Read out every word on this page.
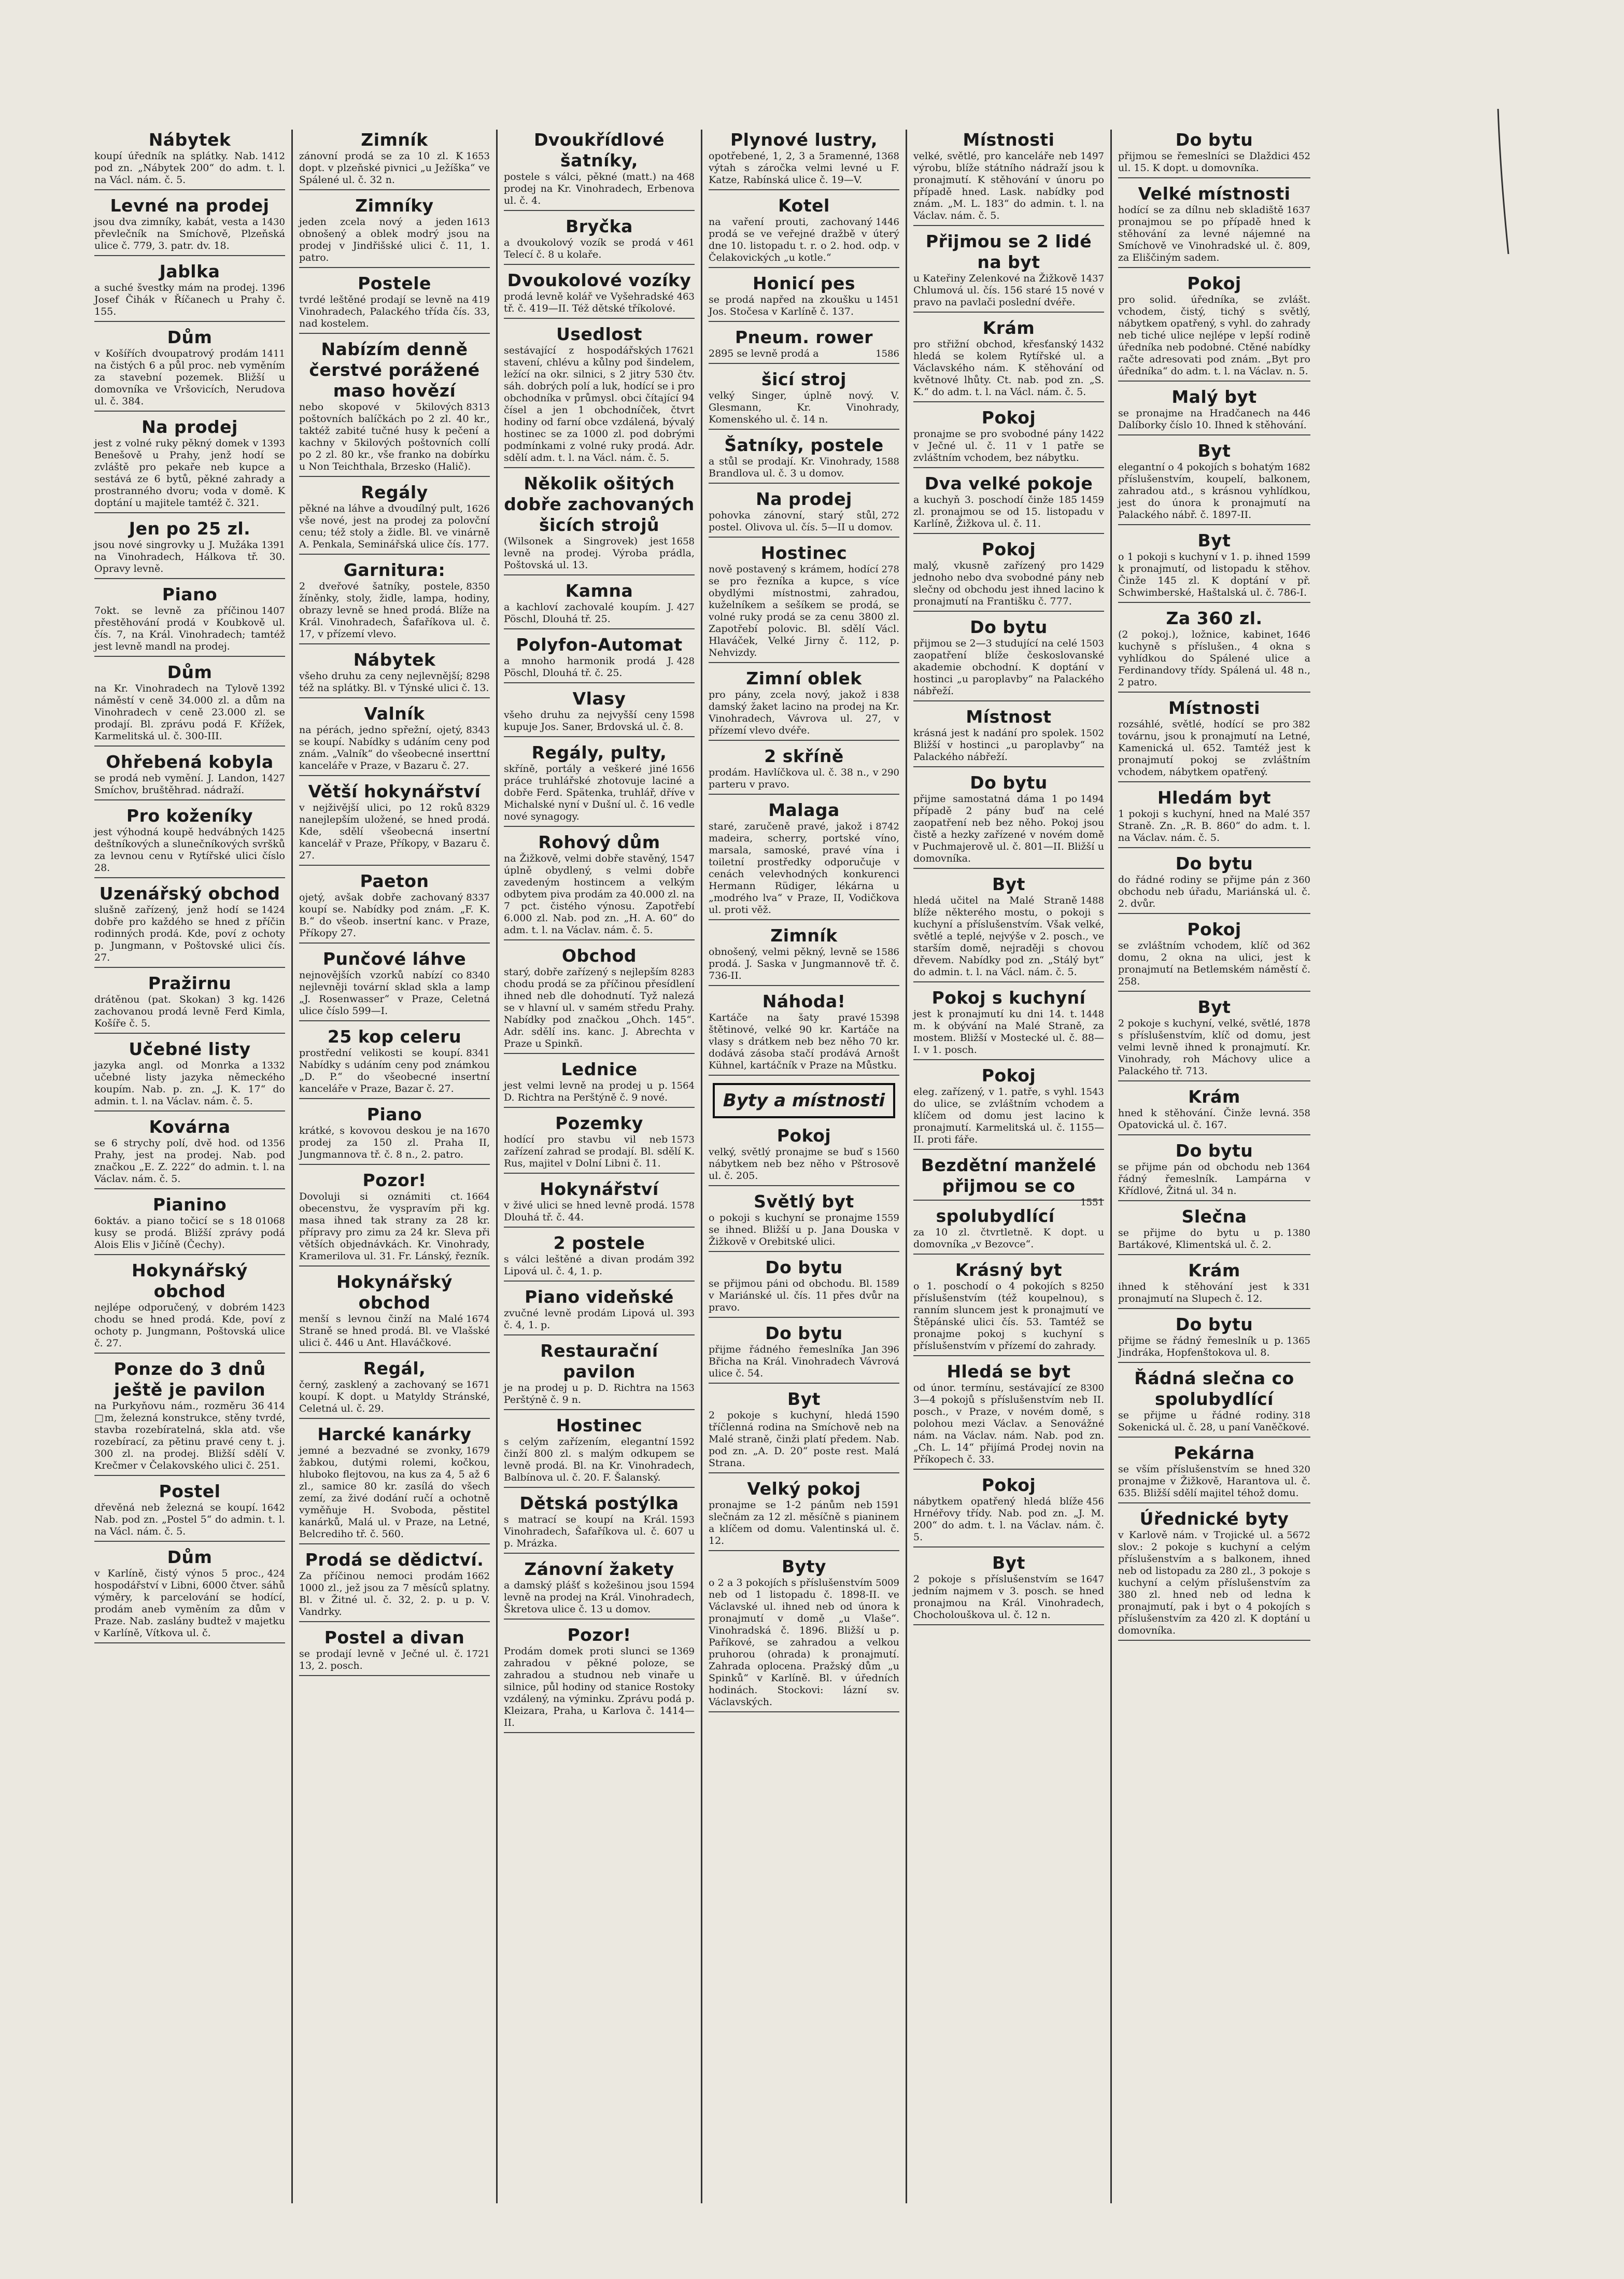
Nábytek

1412
koupí úředník na splátky. Nab. pod zn. „Nábytek 200“ do adm. t. l. na Václ. nám. č. 5.

Levné na prodej

1430
jsou dva zimníky, kabát, vesta a převlečník na Smíchově, Plzeňská ulice č. 779, 3. patr. dv. 18.

Jablka

1396
a suché švestky mám na prodej. Josef Čihák v Říčanech u Prahy č. 155.

Dům

1411
v Košířích dvoupatrový prodám na čistých 6 a půl proc. neb vyměním za stavební pozemek. Bližší u domovníka ve Vršovicích, Nerudova ul. č. 384.

Na prodej

1393
jest z volné ruky pěkný domek v Benešově u Prahy, jenž hodí se zvláště pro pekaře neb kupce a sestává ze 6 bytů, pěkné zahrady a prostranného dvoru; voda v domě. K doptání u majitele tamtéž č. 321.

Jen po 25 zl.

1391
jsou nové singrovky u J. Mužáka na Vinohradech, Hálkova tř. 30. Opravy levně.

Piano

1407
7okt. se levně za příčinou přestěhování prodá v Koubkově ul. čís. 7, na Král. Vinohradech; tamtéž jest levně mandl na prodej.

Dům

1392
na Kr. Vinohradech na Tylově náměstí v ceně 34.000 zl. a dům na Vinohradech v ceně 23.000 zl. se prodají. Bl. zprávu podá F. Křížek, Karmelitská ul. č. 300-III.

Ohřebená kobyla

1427
se prodá neb vymění. J. Landon, Smíchov, bruštěhrad. nádraží.

Pro koženíky

1425
jest výhodná koupě hedvábných deštníkových a slunečníkových svršků za levnou cenu v Rytířské ulici číslo 28.

Uzenářský obchod

1424
slušně zařízený, jenž hodí se dobře pro každého se hned z příčin rodinných prodá. Kde, poví z ochoty p. Jungmann, v Poštovské ulici čís. 27.

Pražirnu

1426
drátěnou (pat. Skokan) 3 kg. zachovanou prodá levně Ferd Kimla, Košíře č. 5.

Učebné listy

1332
jazyka angl. od Monrka a učebné listy jazyka německého koupím. Nab. p. zn. „J. K. 17“ do admin. t. l. na Václav. nám. č. 5.

Kovárna

1356
se 6 strychy polí, dvě hod. od Prahy, jest na prodej. Nab. pod značkou „E. Z. 222“ do admin. t. l. na Václav. nám. č. 5.

Pianino

01068
6oktáv. a piano točicí se s 18 kusy se prodá. Bližší zprávy podá Alois Elis v Jičíně (Čechy).

Hokynářský obchod

1423
nejlépe odporučený, v dobrém chodu se hned prodá. Kde, poví z ochoty p. Jungmann, Poštovská ulice č. 27.

Ponze do 3 dnů ještě je pavilon

414
na Purkyňovu nám., rozměru 36 □m, železná konstrukce, stěny tvrdé, stavba rozebíratelná, skla atd. vše rozebírací, za pětinu pravé ceny t. j. 300 zl. na prodej. Bližší sdělí V. Krečmer v Čelakovského ulici č. 251.

Postel

1642
dřevěná neb železná se koupí. Nab. pod zn. „Postel 5“ do admin. t. l. na Václ. nám. č. 5.

Dům

424
v Karlíně, čistý výnos 5 proc., hospodářství v Libni, 6000 čtver. sáhů výměry, k parcelování se hodící, prodám aneb vyměním za dům v Praze. Nab. zaslány budtež v majetku v Karlíně, Vítkova ul. č.

Zimník

1653
zánovní prodá se za 10 zl. K dopt. v plzeňské pivnici „u Ježíška“ ve Spálené ul. č. 32 n.

Zimníky

1613
jeden zcela nový a jeden obnošený a oblek modrý jsou na prodej v Jindřišské ulici č. 11, 1. patro.

Postele

419
tvrdé leštěné prodají se levně na Vinohradech, Palackého třída čís. 33, nad kostelem.

Nabízím denně čerstvé porážené maso hovězí

8313
nebo skopové v 5kilových poštovních balíčkách po 2 zl. 40 kr., taktéž zabité tučné husy k pečení a kachny v 5kilových poštovních collí po 2 zl. 80 kr., vše franko na dobírku u Non Teichthala, Brzesko (Halič).

Regály

1626
pěkné na láhve a dvoudílný pult, vše nové, jest na prodej za polovční cenu; též stoly a židle. Bl. ve vinárně A. Penkala, Seminářská ulice čís. 177.

Garnitura:

8350
2 dveřové šatníky, postele, žíněnky, stoly, židle, lampa, hodiny, obrazy levně se hned prodá. Blíže na Král. Vinohradech, Šafaříkova ul. č. 17, v přízemí vlevo.

Nábytek

8298
všeho druhu za ceny nejlevnější; též na splátky. Bl. v Týnské ulici č. 13.

Valník

8343
na pérách, jedno spřežní, ojetý, se koupí. Nabídky s udáním ceny pod znám. „Valník“ do všeobecné inserttní kanceláře v Praze, v Bazaru č. 27.

Větší hokynářství

8329
v nejživější ulici, po 12 roků nanejlepším uložené, se hned prodá. Kde, sdělí všeobecná insertní kancelář v Praze, Příkopy, v Bazaru č. 27.

Paeton

8337
ojetý, avšak dobře zachovaný koupí se. Nabídky pod znám. „F. K. B.“ do všeob. insertní kanc. v Praze, Příkopy 27.

Punčové láhve

8340
nejnovějších vzorků nabízí co nejlevněji tovární sklad skla a lamp „J. Rosenwasser“ v Praze, Celetná ulice číslo 599—I.

25 kop celeru

8341
prostřední velikosti se koupí. Nabídky s udáním ceny pod známkou „D. P.“ do všeobecné insertní kanceláře v Praze, Bazar č. 27.

Piano

1670
krátké, s kovovou deskou je na prodej za 150 zl. Praha II, Jungmannova tř. č. 8 n., 2. patro.

Pozor!

1664
Dovoluji si oznámiti ct. obecenstvu, že vyspravím při kg. masa ihned tak strany za 28 kr. přípravy pro zimu za 24 kr. Sleva při větších objednávkách. Kr. Vinohrady, Kramerilova ul. 31. Fr. Lánský, řezník.

Hokynářský obchod

1674
menší s levnou činží na Malé Straně se hned prodá. Bl. ve Vlašské ulici č. 446 u Ant. Hlaváčkové.

Regál,

1671
černý, zasklený a zachovaný se koupí. K dopt. u Matyldy Stránské, Celetná ul. č. 29.

Harcké kanárky

1679
jemné a bezvadné se zvonky, žabkou, dutými rolemi, kočkou, hluboko flejtovou, na kus za 4, 5 až 6 zl., samice 80 kr. zasílá do všech zemí, za živé dodání ručí a ochotně vyměňuje H. Svoboda, pěstitel kanárků, Malá ul. v Praze, na Letné, Belcrediho tř. č. 560.

Prodá se dědictví.

1662
Za příčinou nemoci prodám 1000 zl., jež jsou za 7 měsíců splatny. Bl. v Žitné ul. č. 32, 2. p. u p. V. Vandrky.

Postel a divan

1721
se prodají levně v Ječné ul. č. 13, 2. posch.

Dvoukřídlové šatníky,

468
postele s válci, pěkné (matt.) na prodej na Kr. Vinohradech, Erbenova ul. č. 4.

Bryčka

461
a dvoukolový vozík se prodá v Telecí č. 8 u kolaře.

Dvoukolové vozíky

463
prodá levně kolář ve Vyšehradské tř. č. 419—II. Též dětské tříkolové.

Usedlost

17621
sestávající z hospodářských stavení, chlévu a kůlny pod šindelem, ležící na okr. silnici, s 2 jitry 530 čtv. sáh. dobrých polí a luk, hodící se i pro obchodníka v průmysl. obci čítající 94 čísel a jen 1 obchodníček, čtvrt hodiny od farní obce vzdálená, bývalý hostinec se za 1000 zl. pod dobrými podmínkami z volné ruky prodá. Adr. sdělí adm. t. l. na Václ. nám. č. 5.

Několik ošitých dobře zachovaných šicích strojů

1658
(Wilsonek a Singrovek) jest levně na prodej. Výroba prádla, Poštovská ul. 13.

Kamna

427
a kachloví zachovalé koupím. J. Pöschl, Dlouhá tř. 25.

Polyfon-Automat

428
a mnoho harmonik prodá J. Pöschl, Dlouhá tř. č. 25.

Vlasy

1598
všeho druhu za nejvyšší ceny kupuje Jos. Saner, Brdovská ul. č. 8.

Regály, pulty,

1656
skříně, portály a veškeré jiné práce truhlářské zhotovuje laciné a dobře Ferd. Spätenka, truhlář, dříve v Michalské nyní v Dušní ul. č. 16 vedle nové synagogy.

Rohový dům

1547
na Žižkově, velmi dobře stavěný, úplně obydlený, s velmi dobře zavedeným hostincem a velkým odbytem piva prodám za 40.000 zl. na 7 pct. čistého výnosu. Zapotřebí 6.000 zl. Nab. pod zn. „H. A. 60“ do adm. t. l. na Václav. nám. č. 5.

Obchod

8283
starý, dobře zařízený s nejlepším chodu prodá se za příčinou přesídlení ihned neb dle dohodnutí. Tyž nalezá se v hlavní ul. v samém středu Prahy. Nabídky pod značkou „Ohch. 145“. Adr. sdělí ins. kanc. J. Abrechta v Praze u Spinkñ.

Lednice

1564
jest velmi levně na prodej u p. D. Richtra na Perštýně č. 9 nové.

Pozemky

1573
hodící pro stavbu vil neb zařízení zahrad se prodají. Bl. sdělí K. Rus, majitel v Dolní Libni č. 11.

Hokynářství

1578
v živé ulici se hned levně prodá. Dlouhá tř. č. 44.

2 postele

392
s válci leštěné a divan prodám Lipová ul. č. 4, 1. p.

Piano videňské

393
zvučné levně prodám Lipová ul. č. 4, 1. p.

Restaurační pavilon

1563
je na prodej u p. D. Richtra na Perštýně č. 9 n.

Hostinec

1592
s celým zařízením, elegantní činží 800 zl. s malým odkupem se levně prodá. Bl. na Kr. Vinohradech, Balbínova ul. č. 20. F. Šalanský.

Dětská postýlka

1593
s matrací se koupí na Král. Vinohradech, Šafaříkova ul. č. 607 u p. Mrázka.

Zánovní žakety

1594
a damský plášť s kožešinou jsou levně na prodej na Král. Vinohradech, Škretova ulice č. 13 u domov.

Pozor!

1369
Prodám domek proti slunci se zahradou v pěkné poloze, se zahradou a studnou neb vinaře u silnice, půl hodiny od stanice Rostoky vzdálený, na výminku. Zprávu podá p. Kleizara, Praha, u Karlova č. 1414—II.

Plynové lustry,

1368
opotřebené, 1, 2, 3 a 5ramenné, výtah s záročka velmi levné u F. Katze, Rabínská ulice č. 19—V.

Kotel

1446
na vaření prouti, zachovaný prodá se ve veřejné dražbě v úterý dne 10. listopadu t. r. o 2. hod. odp. v Čelakovických „u kotle.“

Honicí pes

1451
se prodá napřed na zkoušku u Jos. Stočesa v Karlíně č. 137.

Pneum. rower

1586
2895 se levně prodá a

šicí stroj

velký Singer, úplně nový. V. Glesmann, Kr. Vinohrady, Komenského ul. č. 14 n.

Šatníky, postele

1588
a stůl se prodají. Kr. Vinohrady, Brandlova ul. č. 3 u domov.

Na prodej

272
pohovka zánovní, starý stůl, postel. Olivova ul. čís. 5—II u domov.

Hostinec

278
nově postavený s krámem, hodící se pro řezníka a kupce, s více obydlými místnostmi, zahradou, kuželníkem a sešíkem se prodá, se volné ruky prodá se za cenu 3800 zl. Zapotřebí polovic. Bl. sdělí Václ. Hlaváček, Velké Jirny č. 112, p. Nehvizdy.

Zimní oblek

838
pro pány, zcela nový, jakož i damský žaket lacino na prodej na Kr. Vinohradech, Vávrova ul. 27, v přízemí vlevo dvéře.

2 skříně

290
prodám. Havlíčkova ul. č. 38 n., v parteru v pravo.

Malaga

8742
staré, zaručeně pravé, jakož i madeira, scherry, portské víno, marsala, samoské, pravé vína i toiletní prostředky odporučuje v cenách velevhodných konkurenci Hermann Rüdiger, lékárna u „modrého lva“ v Praze, II, Vodičkova ul. proti věž.

Zimník

1586
obnošený, velmi pěkný, levně se prodá. J. Saska v Jungmannově tř. č. 736-II.

Náhoda!

15398
Kartáče na šaty pravé štětinové, velké 90 kr. Kartáče na vlasy s drátkem neb bez něho 70 kr. dodává zásoba stačí prodává Arnošt Kühnel, kartáčník v Praze na Můstku.

Byty a místnosti
Pokoj

1560
velký, světlý pronajme se buď s nábytkem neb bez něho v Pštrosově ul. č. 205.

Světlý byt

1559
o pokoji s kuchyní se pronajme se ihned. Bližší u p. Jana Douska v Žižkově v Orebitské ulici.

Do bytu

1589
se přijmou páni od obchodu. Bl. v Mariánské ul. čís. 11 přes dvůr na pravo.

Do bytu

396
přijme řádného řemeslníka Jan Břicha na Král. Vinohradech Vávrová ulice č. 54.

Byt

1590
2 pokoje s kuchyní, hledá tříčlenná rodina na Smíchově neb na Malé straně, činži platí předem. Nab. pod zn. „A. D. 20“ poste rest. Malá Strana.

Velký pokoj

1591
pronajme se 1-2 pánům neb slečnám za 12 zl. měsíčně s pianinem a klíčem od domu. Valentinská ul. č. 12.

Byty

5009
o 2 a 3 pokojích s příslušenstvím neb od 1 listopadu č. 1898-II. ve Václavské ul. ihned neb od února k pronajmutí v domě „u Vlaše“. Vinohradská č. 1896. Bližší u p. Paříkové, se zahradou a velkou pruhorou (ohrada) k pronajmutí. Zahrada oplocena. Pražský dům „u Spinků“ v Karlíně. Bl. v úředních hodinách. Stockovi: lázní sv. Václavských.

Místnosti

1497
velké, světlé, pro kanceláře neb výrobu, blíže státního nádraží jsou k pronajmutí. K stěhování v únoru po případě hned. Lask. nabídky pod znám. „M. L. 183“ do admin. t. l. na Václav. nám. č. 5.

Přijmou se 2 lidé na byt

1437
u Kateřiny Zelenkové na Žižkově Chlumová ul. čís. 156 staré 15 nové v pravo na pavlači poslední dvéře.

Krám

1432
pro střižní obchod, křesťanský hledá se kolem Rytířské ul. a Václavského nám. K stěhování od květnové lhůty. Ct. nab. pod zn. „S. K.“ do adm. t. l. na Václ. nám. č. 5.

Pokoj

1422
pronajme se pro svobodné pány v Ječné ul. č. 11 v 1 patře se zvláštním vchodem, bez nábytku.

Dva velké pokoje

1459
a kuchyň 3. poschodí činže 185 zl. pronajmou se od 15. listopadu v Karlíně, Žižkova ul. č. 11.

Pokoj

1429
malý, vkusně zařízený pro jednoho nebo dva svobodné pány neb slečny od obchodu jest ihned lacino k pronajmutí na Františku č. 777.

Do bytu

1503
přijmou se 2—3 studující na celé zaopatření blíže českoslovanské akademie obchodní. K doptání v hostinci „u paroplavby“ na Palackého nábřeží.

Místnost

1502
krásná jest k nadání pro spolek. Bližší v hostinci „u paroplavby“ na Palackého nábřeží.

Do bytu

1494
přijme samostatná dáma 1 po případě 2 pány buď na celé zaopatření neb bez něho. Pokoj jsou čistě a hezky zařízené v novém domě v Puchmajerově ul. č. 801—II. Bližší u domovníka.

Byt

1488
hledá učitel na Malé Straně blíže některého mostu, o pokoji s kuchyní a příslušenstvím. Však velké, světlé a teplé, nejvýše v 2. posch., ve starším domě, nejraději s chovou dřevem. Nabídky pod zn. „Stálý byt“ do admin. t. l. na Václ. nám. č. 5.

Pokoj s kuchyní

1448
jest k pronajmutí ku dni 14. t. m. k obývání na Malé Straně, za mostem. Bližší v Mostecké ul. č. 88—I. v 1. posch.

Pokoj

1543
eleg. zařízený, v 1. patře, s vyhl. do ulice, se zvláštním vchodem a klíčem od domu jest lacino k pronajmutí. Karmelitská ul. č. 1155—II. proti fáře.

Bezdětní manželé přijmou se co

1551

spolubydlící

za 10 zl. čtvrtletně. K dopt. u domovníka „v Bezovce“.

Krásný byt

8250
o 1. poschodí o 4 pokojích s příslušenstvím (též koupelnou), s ranním sluncem jest k pronajmutí ve Štěpánské ulici čís. 53. Tamtéž se pronajme pokoj s kuchyní s příslušenstvím v přízemí do zahrady.

Hledá se byt

8300
od únor. termínu, sestávající ze 3—4 pokojů s příslušenstvím neb II. posch., v Praze, v novém domě, s polohou mezi Václav. a Senovážné nám. na Václav. nám. Nab. pod zn. „Ch. L. 14“ přijímá Prodej novin na Příkopech č. 33.

Pokoj

456
nábytkem opatřený hledá blíže Hrnéřovy třídy. Nab. pod zn. „J. M. 200“ do adm. t. l. na Václav. nám. č. 5.

Byt

1647
2 pokoje s příslušenstvím se jedním najmem v 3. posch. se hned pronajmou na Král. Vinohradech, Chocholouškova ul. č. 12 n.

Do bytu

452
přijmou se řemeslníci se Dlaždici ul. 15. K dopt. u domovníka.

Velké místnosti

1637
hodící se za dílnu neb skladiště pronajmou se po případě hned k stěhování za levné nájemné na Smíchově ve Vinohradské ul. č. 809, za Eliščiným sadem.

Pokoj

pro solid. úředníka, se zvlášt. vchodem, čistý, tichý s světlý, nábytkem opatřený, s vyhl. do zahrady neb tiché ulice nejlépe v lepší rodině úředníka neb podobné. Ctěné nabídky račte adresovati pod znám. „Byt pro úředníka“ do adm. t. l. na Václav. n. 5.

Malý byt

446
se pronajme na Hradčanech na Dalíborky číslo 10. Ihned k stěhování.

Byt

1682
elegantní o 4 pokojích s bohatým příslušenstvím, koupelí, balkonem, zahradou atd., s krásnou vyhlídkou, jest do února k pronajmutí na Palackého nábř. č. 1897-II.

Byt

1599
o 1 pokoji s kuchyní v 1. p. ihned k pronajmutí, od listopadu k stěhov. Činže 145 zl. K doptání v př. Schwimberské, Haštalská ul. č. 786-I.

Za 360 zl.

1646
(2 pokoj.), ložnice, kabinet, kuchyně s příslušen., 4 okna s vyhlídkou do Spálené ulice a Ferdinandovy třídy. Spálená ul. 48 n., 2 patro.

Místnosti

382
rozsáhlé, světlé, hodící se pro továrnu, jsou k pronajmutí na Letné, Kamenická ul. 652. Tamtéž jest k pronajmutí pokoj se zvláštním vchodem, nábytkem opatřený.

Hledám byt

357
1 pokoji s kuchyní, hned na Malé Straně. Zn. „R. B. 860“ do adm. t. l. na Václav. nám. č. 5.

Do bytu

360
do řádné rodiny se přijme pán z obchodu neb úřadu, Mariánská ul. č. 2. dvůr.

Pokoj

362
se zvláštním vchodem, klíč od domu, 2 okna na ulici, jest k pronajmutí na Betlemském náměstí č. 258.

Byt

1878
2 pokoje s kuchyní, velké, světlé, s příslušenstvím, klíč od domu, jest velmi levně ihned k pronajmutí. Kr. Vinohrady, roh Máchovy ulice a Palackého tř. 713.

Krám

358
hned k stěhování. Činže levná. Opatovická ul. č. 167.

Do bytu

1364
se přijme pán od obchodu neb řádný řemeslník. Lampárna v Křídlové, Žitná ul. 34 n.

Slečna

1380
se přijme do bytu u p. Bartákové, Klimentská ul. č. 2.

Krám

331
ihned k stěhování jest k pronajmutí na Slupech č. 12.

Do bytu

1365
přijme se řádný řemeslník u p. Jindráka, Hopfenštokova ul. 8.

Řádná slečna co spolubydlící

318
se přijme u řádné rodiny. Sokenická ul. č. 28, u paní Vaněčkové.

Pekárna

320
se vším příslušenstvím se hned pronajme v Žižkově, Harantova ul. č. 635. Bližší sdělí majitel téhož domu.

Úřednické byty

5672
v Karlově nám. v Trojické ul. a slov.: 2 pokoje s kuchyní a celým příslušenstvím a s balkonem, ihned neb od listopadu za 280 zl., 3 pokoje s kuchyní a celým příslušenstvím za 380 zl. hned neb od ledna k pronajmutí, pak i byt o 4 pokojích s příslušenstvím za 420 zl. K doptání u domovníka.
